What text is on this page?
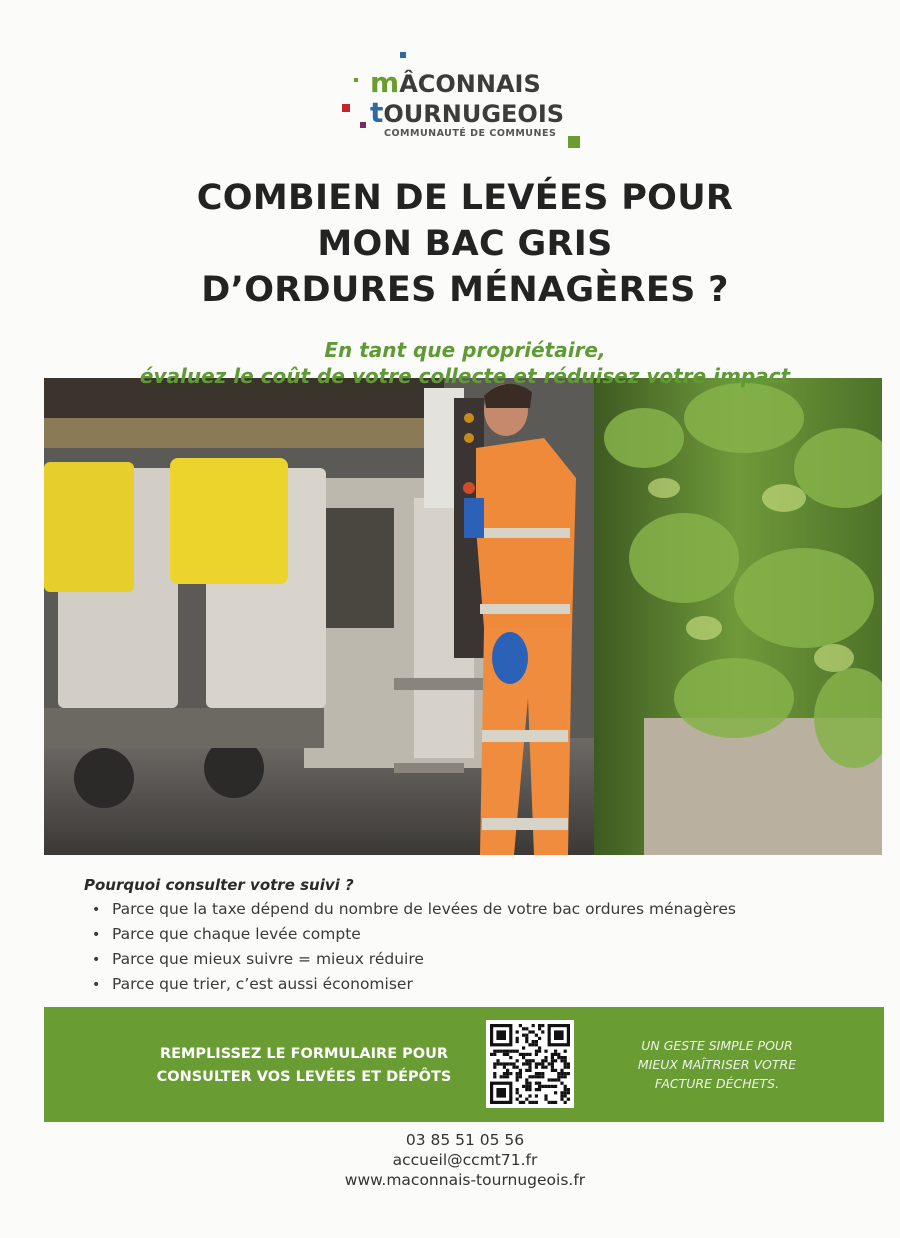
mÂCONNAIS
tOURNUGEOIS
COMMUNAUTÉ DE COMMUNES
COMBIEN DE LEVÉES POUR
MON BAC GRIS
D’ORDURES MÉNAGÈRES ?
En tant que propriétaire,
évaluez le coût de votre collecte et réduisez votre impact
Pourquoi consulter votre suivi ?
• Parce que la taxe dépend du nombre de levées de votre bac ordures ménagères
• Parce que chaque levée compte
• Parce que mieux suivre = mieux réduire
• Parce que trier, c’est aussi économiser
REMPLISSEZ LE FORMULAIRE POUR
CONSULTER VOS LEVÉES ET DÉPÔTS
UN GESTE SIMPLE POUR
MIEUX MAÎTRISER VOTRE
FACTURE DÉCHETS.
03 85 51 05 56
accueil@ccmt71.fr
www.maconnais-tournugeois.fr
